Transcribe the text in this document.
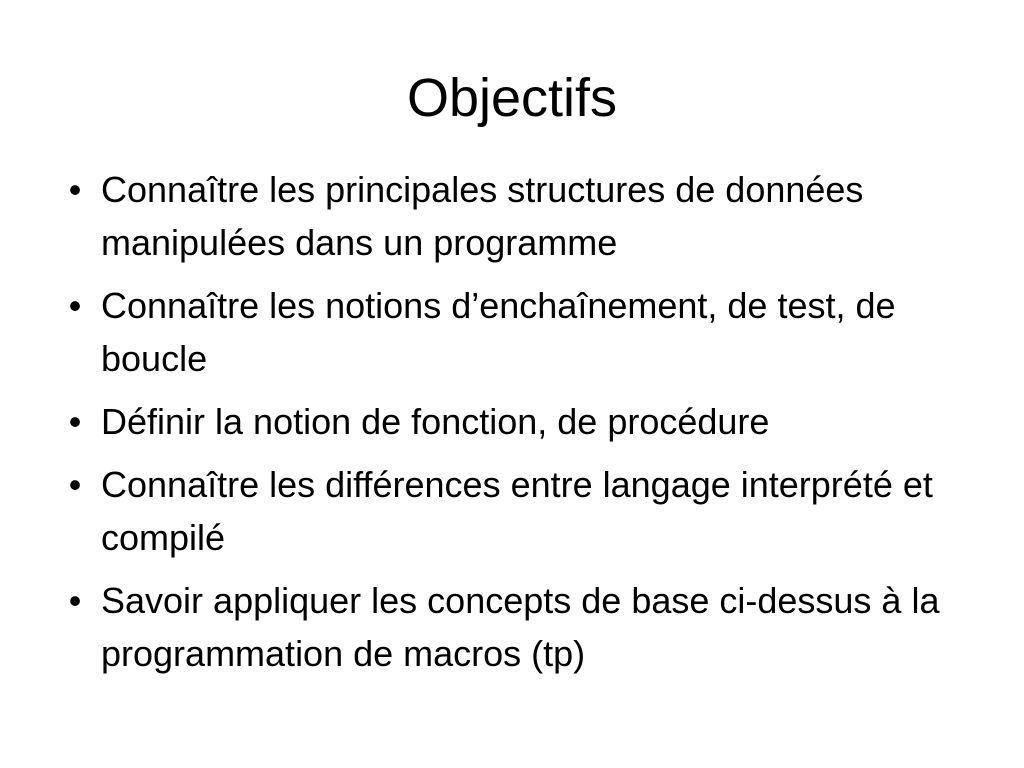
Objectifs
• Connaître les principales structures de données manipulées dans un programme
• Connaître les notions d’enchaînement, de test, de boucle
• Définir la notion de fonction, de procédure
• Connaître les différences entre langage interprété et compilé
• Savoir appliquer les concepts de base ci-dessus à la programmation de macros (tp)
